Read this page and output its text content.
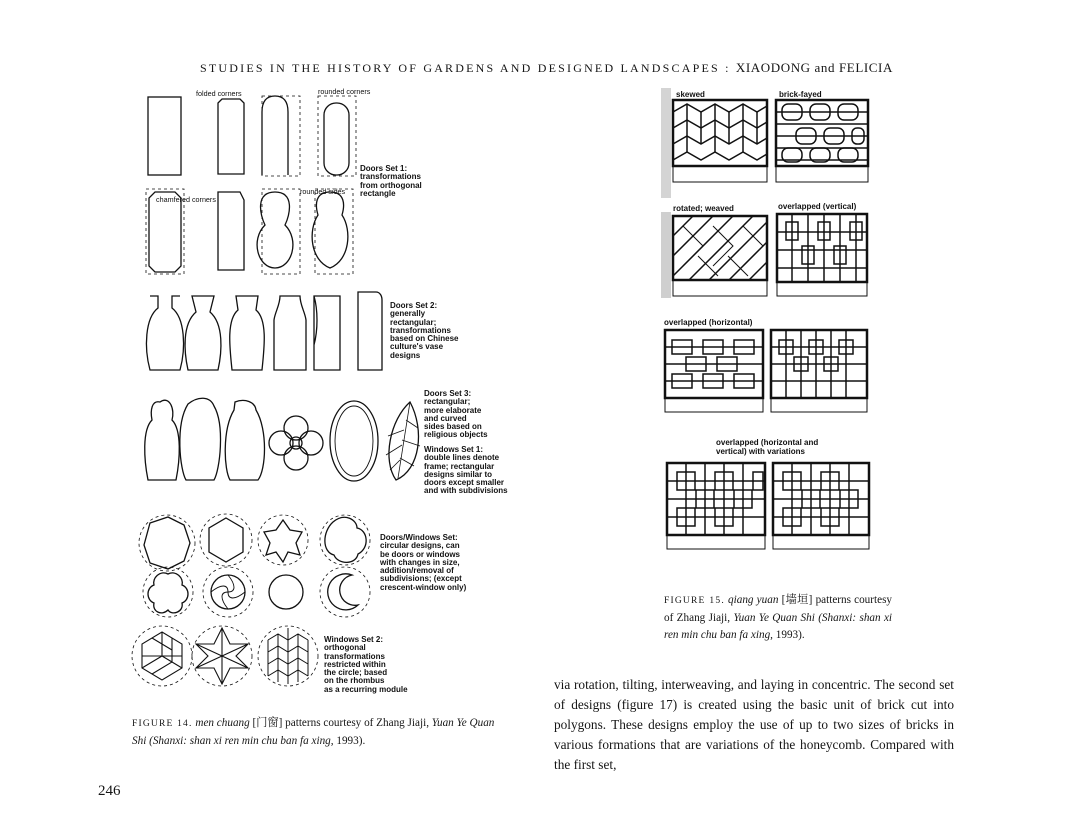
STUDIES IN THE HISTORY OF GARDENS AND DESIGNED LANDSCAPES : XIAODONG and FELICIA
folded corners	rounded corners
chamfered corners
rounded sides
Doors Set 1:
transformations
from orthogonal
rectangle
Doors Set 2:
generally
rectangular;
transformations
based on Chinese
culture's vase
designs
Doors Set 3:
rectangular;
more elaborate
and curved
sides based on
religious objects
Windows Set 1:
double lines denote
frame; rectangular
designs similar to
doors except smaller
and with subdivisions
Doors/Windows Set:
circular designs, can
be doors or windows
with changes in size,
addition/removal of
subdivisions; (except
crescent-window only)
Windows Set 2:
orthogonal
transformations
restricted within
the circle; based
on the rhombus
as a recurring module
FIGURE 14. men chuang [门窗] patterns courtesy of Zhang Jiaji, Yuan Ye Quan Shi (Shanxi: shan xi ren min chu ban fa xing, 1993).
skewed	brick-fayed
rotated; weaved	overlapped (vertical)
overlapped (horizontal)
overlapped (horizontal and vertical) with variations
FIGURE 15. qiang yuan [墙垣] patterns courtesy of Zhang Jiaji, Yuan Ye Quan Shi (Shanxi: shan xi ren min chu ban fa xing, 1993).
via rotation, tilting, interweaving, and laying in concentric. The second set of designs (figure 17) is created using the basic unit of brick cut into polygons. These designs employ the use of up to two sizes of bricks in various formations that are variations of the honeycomb. Compared with the first set,
246
